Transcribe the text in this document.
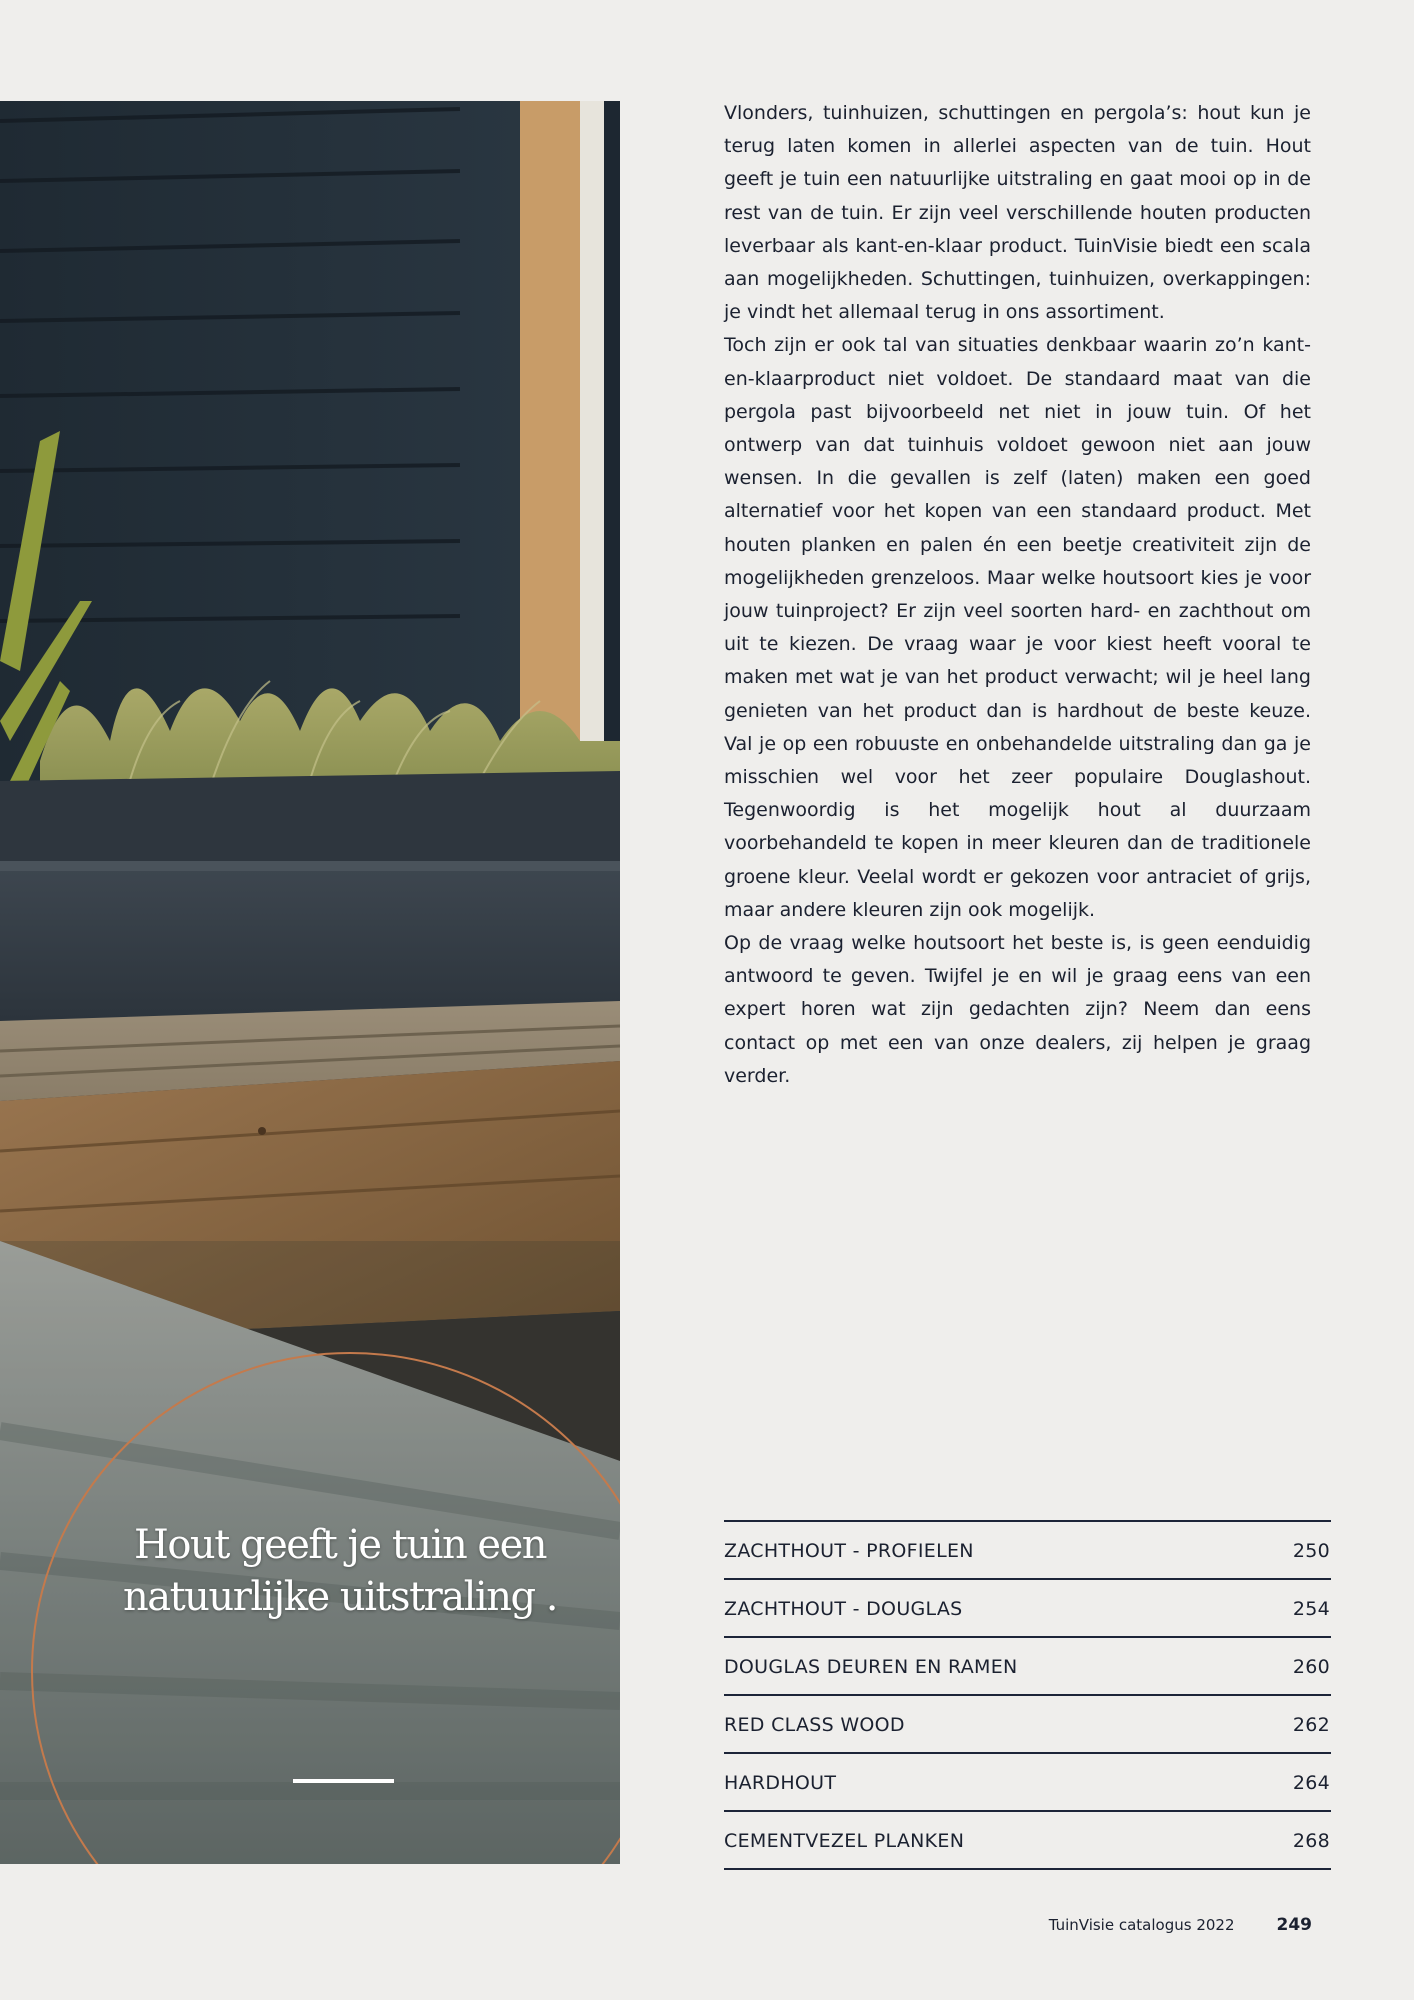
Hout geeft je tuin een
natuurlijke uitstraling .

Vlonders, tuinhuizen, schuttingen en pergola’s: hout kun je terug laten komen in allerlei aspecten van de tuin. Hout geeft je tuin een natuurlijke uitstraling en gaat mooi op in de rest van de tuin. Er zijn veel verschillende houten producten leverbaar als kant-en-klaar product. TuinVisie biedt een scala aan mogelijkheden. Schuttingen, tuinhuizen, overkappingen: je vindt het allemaal terug in ons assortiment.

Toch zijn er ook tal van situaties denkbaar waarin zo’n kant-en-klaarproduct niet voldoet. De standaard maat van die pergola past bijvoorbeeld net niet in jouw tuin. Of het ontwerp van dat tuinhuis voldoet gewoon niet aan jouw wensen. In die gevallen is zelf (laten) maken een goed alternatief voor het kopen van een standaard product. Met houten planken en palen én een beetje creativiteit zijn de mogelijkheden grenzeloos. Maar welke houtsoort kies je voor jouw tuinproject? Er zijn veel soorten hard- en zachthout om uit te kiezen. De vraag waar je voor kiest heeft vooral te maken met wat je van het product verwacht; wil je heel lang genieten van het product dan is hardhout de beste keuze. Val je op een robuuste en onbehandelde uitstraling dan ga je misschien wel voor het zeer populaire Douglashout. Tegenwoordig is het mogelijk hout al duurzaam voorbehandeld te kopen in meer kleuren dan de traditionele groene kleur. Veelal wordt er gekozen voor antraciet of grijs, maar andere kleuren zijn ook mogelijk.

Op de vraag welke houtsoort het beste is, is geen eenduidig antwoord te geven. Twijfel je en wil je graag eens van een expert horen wat zijn gedachten zijn? Neem dan eens contact op met een van onze dealers, zij helpen je graag verder.

ZACHTHOUT - PROFIELEN	250
ZACHTHOUT - DOUGLAS	254
DOUGLAS DEUREN EN RAMEN	260
RED CLASS WOOD	262
HARDHOUT	264
CEMENTVEZEL PLANKEN	268
TuinVisie catalogus 2022 249
